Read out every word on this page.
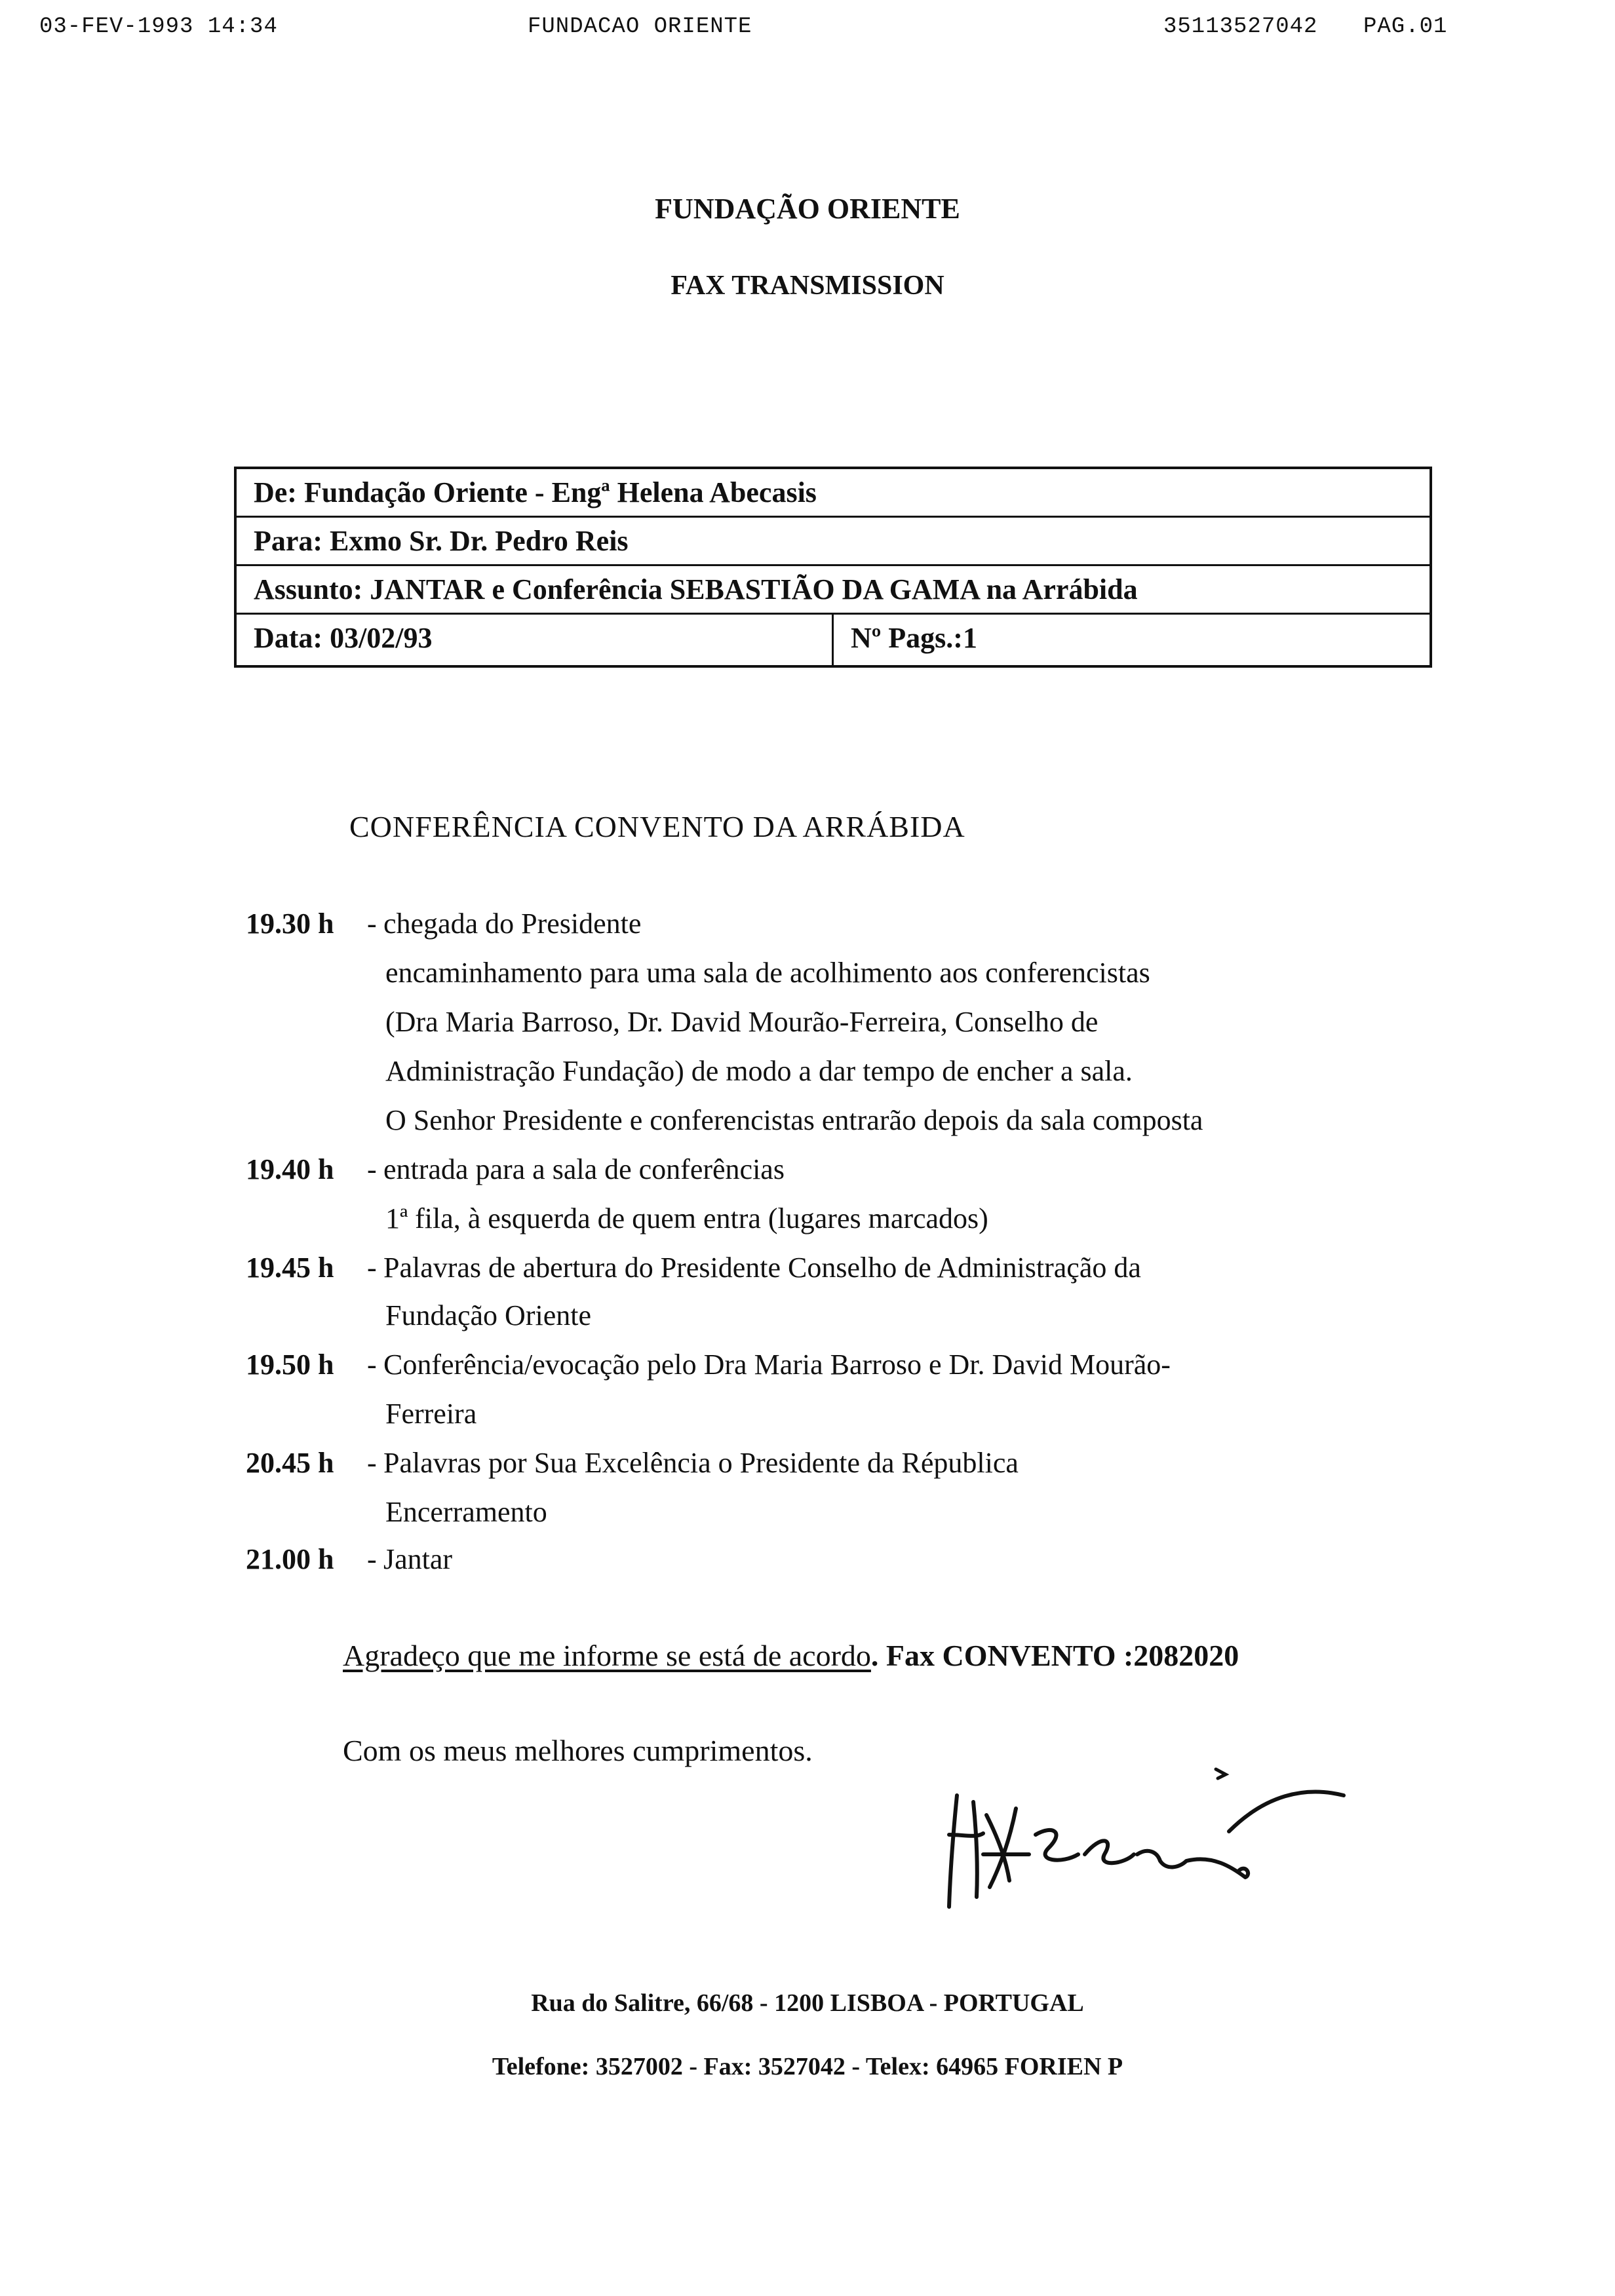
03-FEV-1993 14:34	FUNDACAO ORIENTE	35113527042 PAG.01
FUNDAÇÃO ORIENTE
FAX TRANSMISSION
De: Fundação Oriente - Engª Helena Abecasis
Para: Exmo Sr. Dr. Pedro Reis
Assunto: JANTAR e Conferência SEBASTIÃO DA GAMA na Arrábida
Data: 03/02/93	Nº Pags.:1
CONFERÊNCIA CONVENTO DA ARRÁBIDA
19.30 h - chegada do Presidente
encaminhamento para uma sala de acolhimento aos conferencistas
(Dra Maria Barroso, Dr. David Mourão-Ferreira, Conselho de
Administração Fundação) de modo a dar tempo de encher a sala.
O Senhor Presidente e conferencistas entrarão depois da sala composta
19.40 h - entrada para a sala de conferências
1ª fila, à esquerda de quem entra (lugares marcados)
19.45 h - Palavras de abertura do Presidente Conselho de Administração da
Fundação Oriente
19.50 h - Conferência/evocação pelo Dra Maria Barroso e Dr. David Mourão-
Ferreira
20.45 h - Palavras por Sua Excelência o Presidente da Républica
Encerramento
21.00 h - Jantar
Agradeço que me informe se está de acordo. Fax CONVENTO :2082020
Com os meus melhores cumprimentos.
Rua do Salitre, 66/68 - 1200 LISBOA - PORTUGAL
Telefone: 3527002 - Fax: 3527042 - Telex: 64965 FORIEN P
